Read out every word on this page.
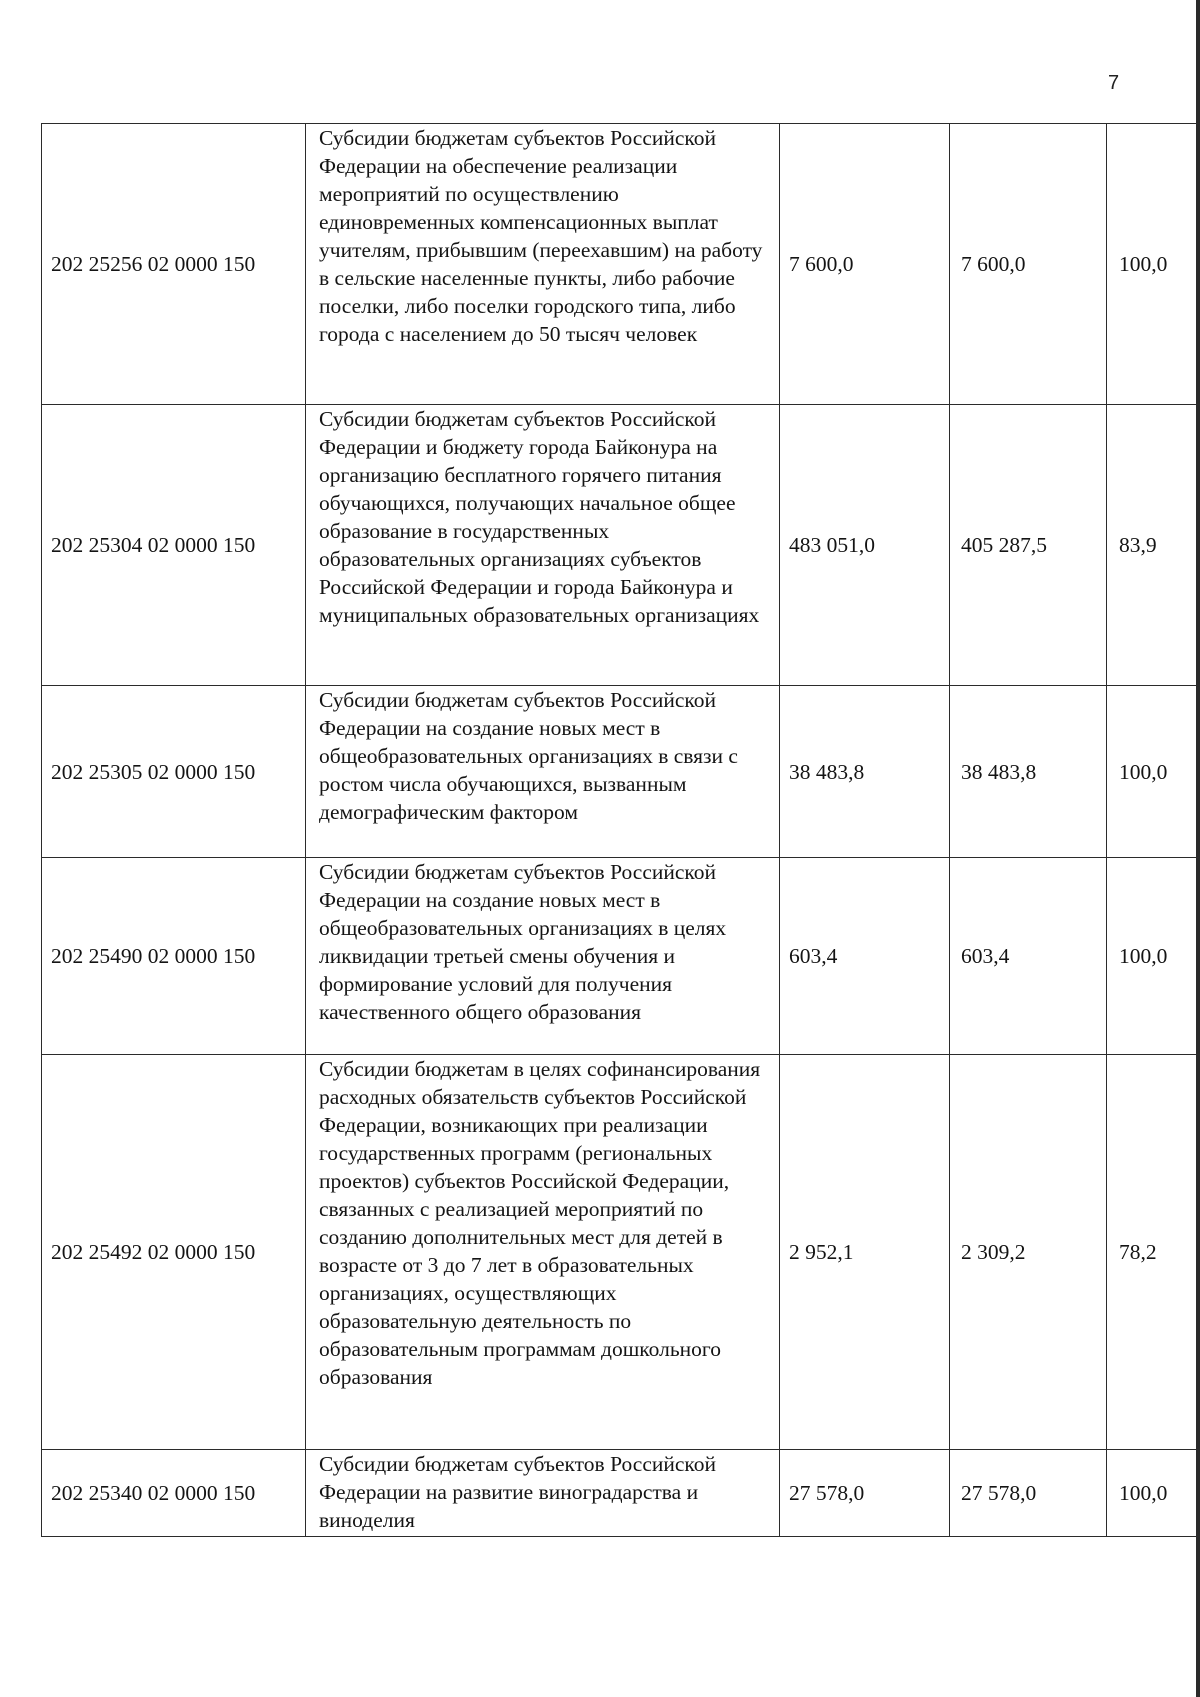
7
202 25256 02 0000 150	Субсидии бюджетам субъектов Российской Федерации на обеспечение реализации мероприятий по осуществлению единовременных компенсационных выплат учителям, прибывшим (переехавшим) на работу в сельские населенные пункты, либо рабочие поселки, либо поселки городского типа, либо города с населением до 50 тысяч человек	7 600,0	7 600,0	100,0
202 25304 02 0000 150	Субсидии бюджетам субъектов Российской Федерации и бюджету города Байконура на организацию бесплатного горячего питания обучающихся, получающих начальное общее образование в государственных образовательных организациях субъектов Российской Федерации и города Байконура и муниципальных образовательных организациях	483 051,0	405 287,5	83,9
202 25305 02 0000 150	Субсидии бюджетам субъектов Российской Федерации на создание новых мест в общеобразовательных организациях в связи с ростом числа обучающихся, вызванным демографическим фактором	38 483,8	38 483,8	100,0
202 25490 02 0000 150	Субсидии бюджетам субъектов Российской Федерации на создание новых мест в общеобразовательных организациях в целях ликвидации третьей смены обучения и формирование условий для получения качественного общего образования	603,4	603,4	100,0
202 25492 02 0000 150	Субсидии бюджетам в целях софинансирования расходных обязательств субъектов Российской Федерации, возникающих при реализации государственных программ (региональных проектов) субъектов Российской Федерации, связанных с реализацией мероприятий по созданию дополнительных мест для детей в возрасте от 3 до 7 лет в образовательных организациях, осуществляющих образовательную деятельность по образовательным программам дошкольного образования	2 952,1	2 309,2	78,2
202 25340 02 0000 150	Субсидии бюджетам субъектов Российской Федерации на развитие виноградарства и виноделия	27 578,0	27 578,0	100,0
